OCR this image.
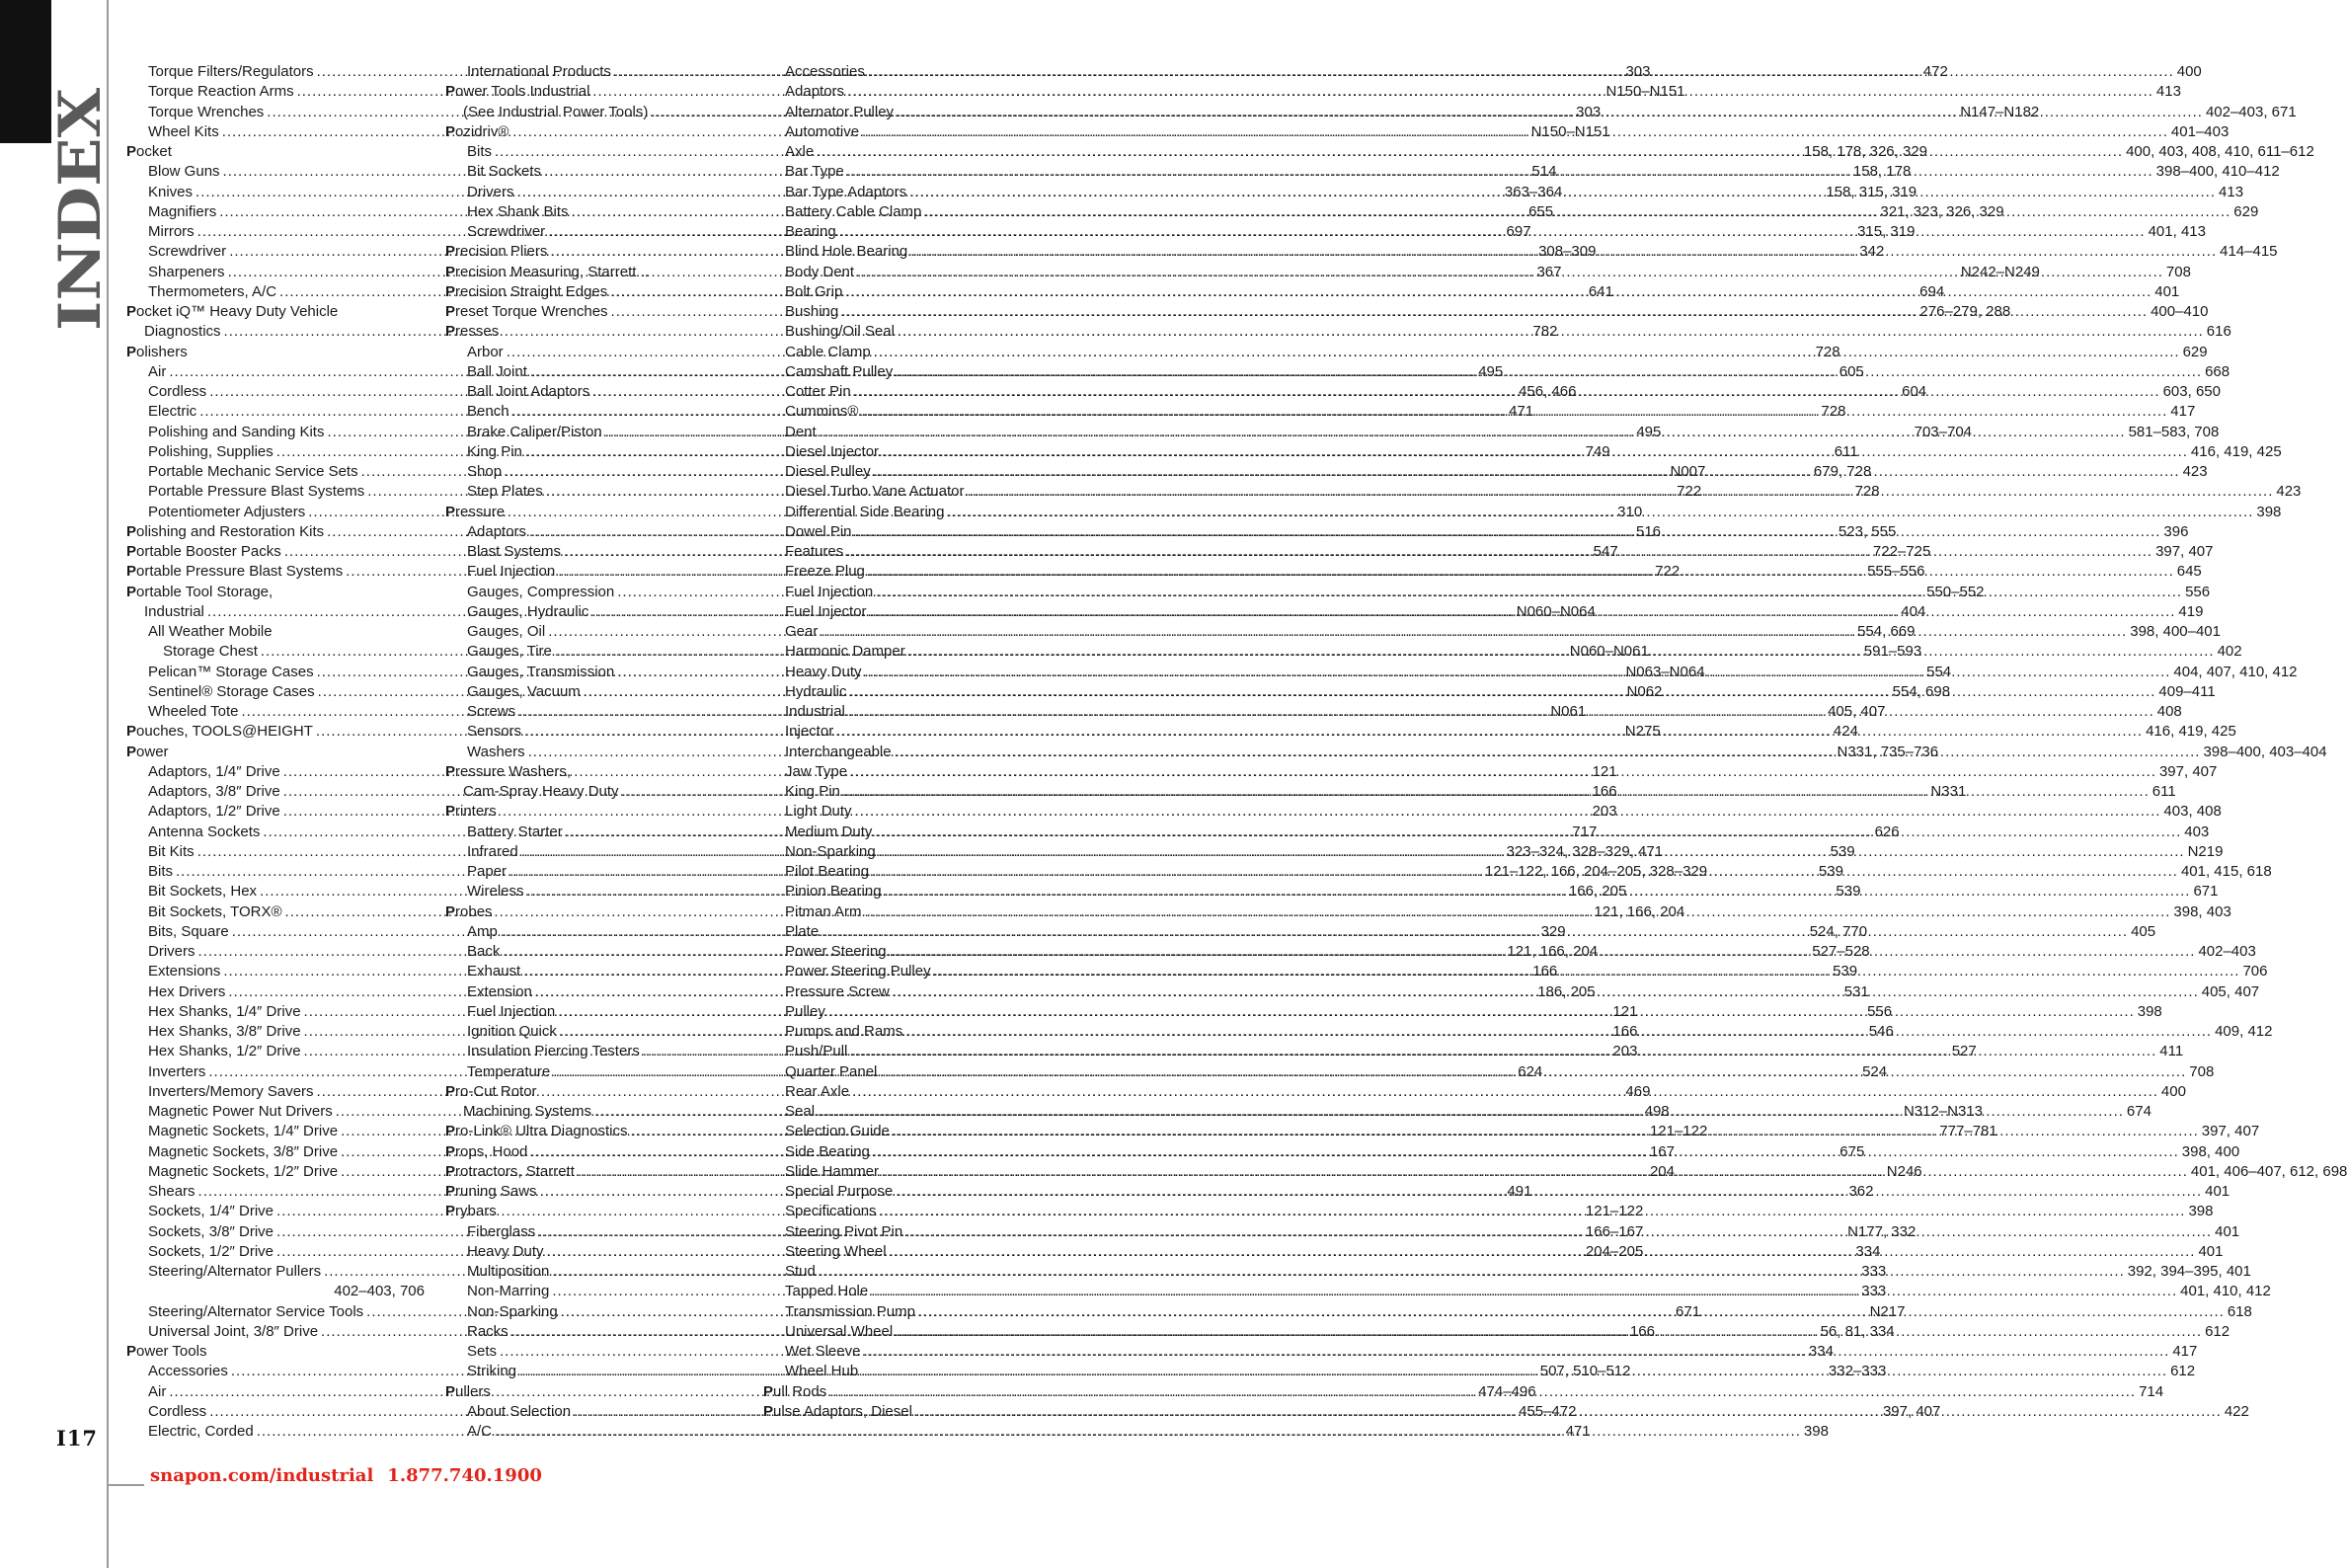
INDEX
I17
snapon.com/industrial 1.877.740.1900
Torque Filters/Regulators .....	303
Torque Reaction Arms .....	N150–N151
Torque Wrenches .....	303
Wheel Kits .....	N150–N151
Pocket
Blow Guns .....	514
Knives .....	363–364
Magnifiers .....	655
Mirrors .....	697
Screwdriver .....	308–309
Sharpeners .....	367
Thermometers, A/C .....	641
Pocket iQ™ Heavy Duty Vehicle
Diagnostics .....	782
Polishers
Air .....	495
Cordless .....	456, 466
Electric .....	471
Polishing and Sanding Kits .....	495
Polishing, Supplies .....	749
Portable Mechanic Service Sets .....	N007
Portable Pressure Blast Systems .....	722
Potentiometer Adjusters .....	310
Polishing and Restoration Kits .....	516
Portable Booster Packs .....	547
Portable Pressure Blast Systems .....	722
Portable Tool Storage,
Industrial .....	N060–N064
All Weather Mobile
Storage Chest .....	N060–N061
Pelican™ Storage Cases .....	N063–N064
Sentinel® Storage Cases .....	N062
Wheeled Tote .....	N061
Pouches, TOOLS@HEIGHT .....	N275
Power
Adaptors, 1/4″ Drive .....	121
Adaptors, 3/8″ Drive .....	166
Adaptors, 1/2″ Drive .....	203
Antenna Sockets .....	717
Bit Kits .....	323–324, 328–329, 471
Bits .....	121–122, 166, 204–205, 328–329
Bit Sockets, Hex .....	166, 205
Bit Sockets, TORX® .....	121, 166, 204
Bits, Square .....	329
Drivers .....	121, 166, 204
Extensions .....	166
Hex Drivers .....	186, 205
Hex Shanks, 1/4″ Drive .....	121
Hex Shanks, 3/8″ Drive .....	166
Hex Shanks, 1/2″ Drive .....	203
Inverters .....	624
Inverters/Memory Savers .....	469
Magnetic Power Nut Drivers .....	498
Magnetic Sockets, 1/4″ Drive .....	121–122
Magnetic Sockets, 3/8″ Drive .....	167
Magnetic Sockets, 1/2″ Drive .....	204
Shears .....	491
Sockets, 1/4″ Drive .....	121–122
Sockets, 3/8″ Drive .....	166–167
Sockets, 1/2″ Drive .....	204–205
Steering/Alternator Pullers
.....
402–403, 706
Steering/Alternator Service Tools .....	671
Universal Joint, 3/8″ Drive .....	166
Power Tools
Accessories .....	507, 510–512
Air .....	474–496
Cordless .....	455–472
Electric, Corded .....	471
International Products .....	472
Power Tools Industrial
(See Industrial Power Tools) .....	N147–N182
Pozidriv®
Bits .....	158, 178, 326, 329
Bit Sockets .....	158, 178
Drivers .....	158, 315, 319
Hex Shank Bits .....	321, 323, 326, 329
Screwdriver .....	315, 319
Precision Pliers .....	342
Precision Measuring, Starrett ..	N242–N249
Precision Straight Edges .....	694
Preset Torque Wrenches .....	276–279, 288
Presses
Arbor .....	728
Ball Joint .....	605
Ball Joint Adaptors .....	604
Bench .....	728
Brake Caliper/Piston .....	703–704
King Pin .....	611
Shop .....	679, 728
Step Plates .....	728
Pressure
Adaptors .....	523, 555
Blast Systems .....	722–725
Fuel Injection .....	555–556
Gauges, Compression .....	550–552
Gauges, Hydraulic .....	404
Gauges, Oil .....	554, 669
Gauges, Tire .....	591–593
Gauges, Transmission .....	554
Gauges, Vacuum .....	554, 698
Screws .....	405, 407
Sensors .....	424
Washers .....	N331, 735–736
Pressure Washers,
Cam-Spray Heavy Duty .....	N331
Printers
Battery Starter .....	626
Infrared .....	539
Paper .....	539
Wireless .....	539
Probes
Amp .....	524, 770
Back .....	527–528
Exhaust .....	539
Extension .....	531
Fuel Injection .....	556
Ignition Quick .....	546
Insulation Piercing Testers .....	527
Temperature .....	524
Pro-Cut Rotor
Machining Systems .....	N312–N313
Pro-Link® Ultra Diagnostics .....	777–781
Props, Hood .....	675
Protractors, Starrett .....	N246
Pruning Saws .....	362
Prybars
Fiberglass .....	N177, 332
Heavy Duty .....	334
Multiposition .....	333
Non-Marring .....	333
Non-Sparking .....	N217
Racks .....	56, 81, 334
Sets .....	334
Striking .....	332–333
Pullers
About Selection .....	397, 407
A/C .....	398
Accessories .....	400
Adaptors .....	413
Alternator Pulley .....	402–403, 671
Automotive .....	401–403
Axle .....	400, 403, 408, 410, 611–612
Bar Type .....	398–400, 410–412
Bar Type Adaptors .....	413
Battery Cable Clamp .....	629
Bearing .....	401, 413
Blind Hole Bearing .....	414–415
Body Dent .....	708
Bolt Grip .....	401
Bushing .....	400–410
Bushing/Oil Seal .....	616
Cable Clamp .....	629
Camshaft Pulley .....	668
Cotter Pin .....	603, 650
Cummins® .....	417
Dent .....	581–583, 708
Diesel Injector .....	416, 419, 425
Diesel Pulley .....	423
Diesel Turbo Vane Actuator .....	423
Differential Side Bearing .....	398
Dowel Pin .....	396
Features .....	397, 407
Freeze Plug .....	645
Fuel Injection .....	556
Fuel Injector .....	419
Gear .....	398, 400–401
Harmonic Damper .....	402
Heavy Duty .....	404, 407, 410, 412
Hydraulic .....	409–411
Industrial .....	408
Injector .....	416, 419, 425
Interchangeable .....	398–400, 403–404
Jaw Type .....	397, 407
King Pin .....	611
Light Duty .....	403, 408
Medium Duty .....	403
Non-Sparking .....	N219
Pilot Bearing .....	401, 415, 618
Pinion Bearing .....	671
Pitman Arm .....	398, 403
Plate .....	405
Power Steering .....	402–403
Power Steering Pulley .....	706
Pressure Screw .....	405, 407
Pulley .....	398
Pumps and Rams .....	409, 412
Push/Pull .....	411
Quarter Panel .....	708
Rear Axle .....	400
Seal .....	674
Selection Guide .....	397, 407
Side Bearing .....	398, 400
Slide Hammer .....	401, 406–407, 612, 698
Special Purpose .....	401
Specifications .....	398
Steering Pivot Pin .....	401
Steering Wheel .....	401
Stud .....	392, 394–395, 401
Tapped Hole .....	401, 410, 412
Transmission Pump .....	618
Universal Wheel .....	612
Wet Sleeve .....	417
Wheel Hub .....	612
Pull Rods .....	714
Pulse Adaptors, Diesel .....	422
